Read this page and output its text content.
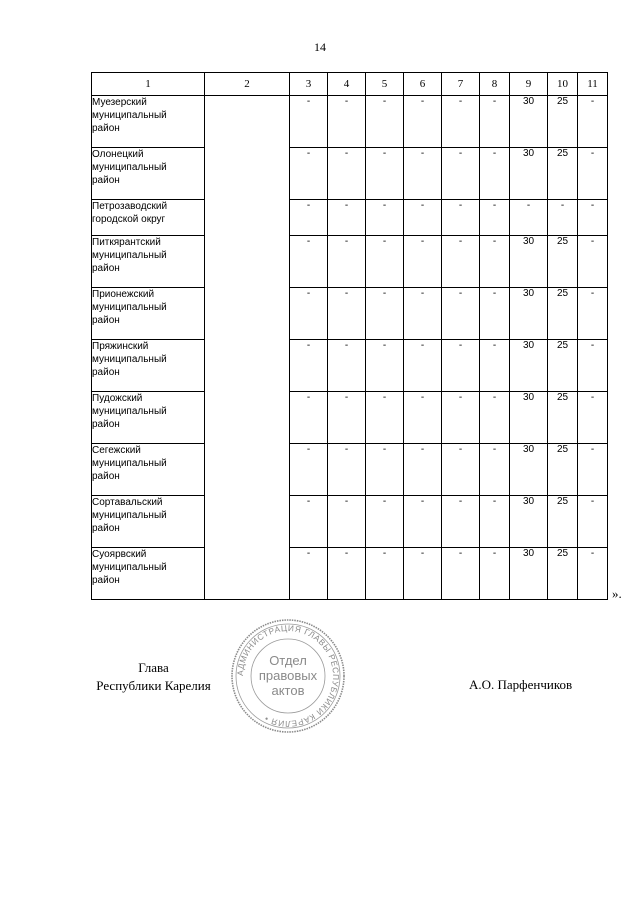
14
1	2	3	4	5	6	7	8	9	10	11

Муезерский
муниципальный
район		-	-	-	-	-	-	30	25	-

Олонецкий
муниципальный
район		-	-	-	-	-	-	30	25	-

Петрозаводский
городской округ		-	-	-	-	-	-	-	-	-

Питкярантский
муниципальный
район		-	-	-	-	-	-	30	25	-

Прионежский
муниципальный
район		-	-	-	-	-	-	30	25	-

Пряжинский
муниципальный
район		-	-	-	-	-	-	30	25	-

Пудожский
муниципальный
район		-	-	-	-	-	-	30	25	-

Сегежский
муниципальный
район		-	-	-	-	-	-	30	25	-

Сортавальский
муниципальный
район		-	-	-	-	-	-	30	25	-

Суоярвский
муниципальный
район		-	-	-	-	-	-	30	25	-
».
Глава
Республики Карелия
АДМИНИСТРАЦИЯ ГЛАВЫ РЕСПУБЛИКИ КАРЕЛИЯ •
Отдел
правовых
актов	А.О. Парфенчиков
